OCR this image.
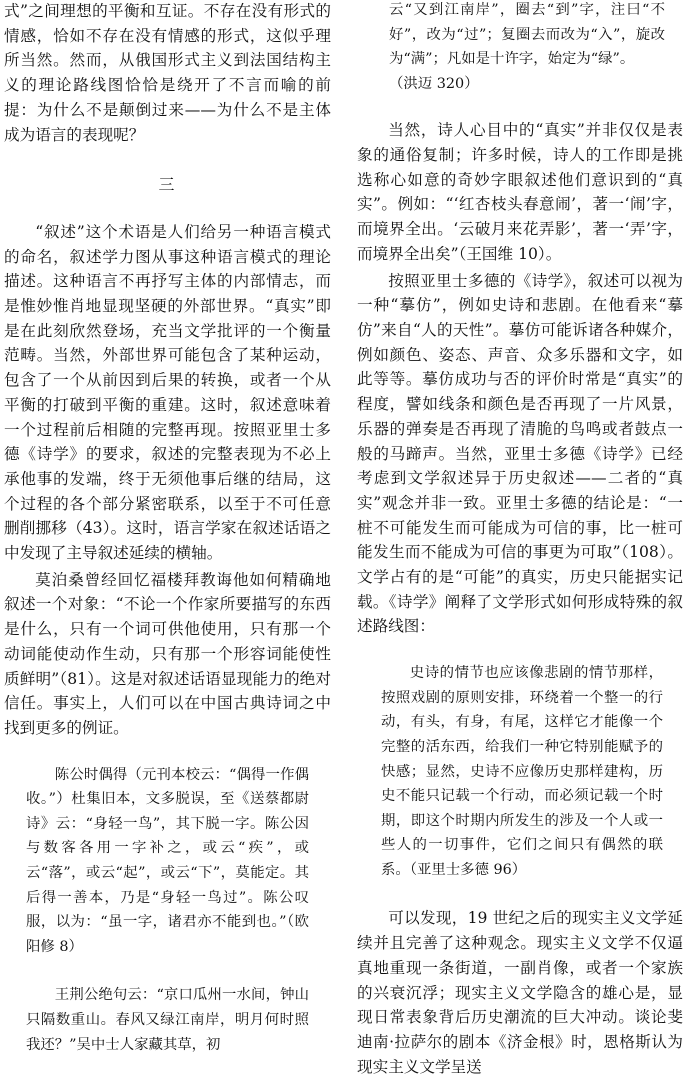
式”之间理想的平衡和互证。不存在没有形式的情感，恰如不存在没有情感的形式，这似乎理所当然。然而，从俄国形式主义到法国结构主义的理论路线图恰恰是绕开了不言而喻的前提：为什么不是颠倒过来——为什么不是主体成为语言的表现呢？

三

“叙述”这个术语是人们给另一种语言模式的命名，叙述学力图从事这种语言模式的理论描述。这种语言不再抒写主体的内部情志，而是惟妙惟肖地显现坚硬的外部世界。“真实”即是在此刻欣然登场，充当文学批评的一个衡量范畴。当然，外部世界可能包含了某种运动，包含了一个从前因到后果的转换，或者一个从平衡的打破到平衡的重建。这时，叙述意味着一个过程前后相随的完整再现。按照亚里士多德《诗学》的要求，叙述的完整表现为不必上承他事的发端，终于无须他事后继的结局，这个过程的各个部分紧密联系，以至于不可任意删削挪移（43）。这时，语言学家在叙述话语之中发现了主导叙述延续的横轴。

莫泊桑曾经回忆福楼拜教诲他如何精确地叙述一个对象：“不论一个作家所要描写的东西是什么，只有一个词可供他使用，只有那一个动词能使动作生动，只有那一个形容词能使性质鲜明”（81）。这是对叙述话语显现能力的绝对信任。事实上，人们可以在中国古典诗词之中找到更多的例证。

陈公时偶得（元刊本校云：“偶得一作偶收。”）杜集旧本，文多脱误，至《送蔡都尉诗》云：“身轻一鸟”，其下脱一字。陈公因与数客各用一字补之，或云“疾”，或云“落”，或云“起”，或云“下”，莫能定。其后得一善本，乃是“身轻一鸟过”。陈公叹服，以为：“虽一字，诸君亦不能到也。”（欧阳修 8）

王荆公绝句云：“京口瓜州一水间，钟山只隔数重山。春风又绿江南岸，明月何时照我还？”吴中士人家藏其草，初

云“又到江南岸”，圈去“到”字，注曰“不好”，改为“过”；复圈去而改为“入”，旋改为“满”；凡如是十许字，始定为“绿”。

（洪迈 320）

当然，诗人心目中的“真实”并非仅仅是表象的通俗复制；许多时候，诗人的工作即是挑选称心如意的奇妙字眼叙述他们意识到的“真实”。例如：“‘红杏枝头春意闹’，著一‘闹’字，而境界全出。‘云破月来花弄影’，著一‘弄’字，而境界全出矣”（王国维 10）。

按照亚里士多德的《诗学》，叙述可以视为一种“摹仿”，例如史诗和悲剧。在他看来“摹仿”来自“人的天性”。摹仿可能诉诸各种媒介，例如颜色、姿态、声音、众多乐器和文字，如此等等。摹仿成功与否的评价时常是“真实”的程度，譬如线条和颜色是否再现了一片风景，乐器的弹奏是否再现了清脆的鸟鸣或者鼓点一般的马蹄声。当然，亚里士多德《诗学》已经考虑到文学叙述异于历史叙述——二者的“真实”观念并非一致。亚里士多德的结论是：“一桩不可能发生而可能成为可信的事，比一桩可能发生而不能成为可信的事更为可取”（108）。文学占有的是“可能”的真实，历史只能据实记载。《诗学》阐释了文学形式如何形成特殊的叙述路线图：

史诗的情节也应该像悲剧的情节那样，按照戏剧的原则安排，环绕着一个整一的行动，有头，有身，有尾，这样它才能像一个完整的活东西，给我们一种它特别能赋予的快感；显然，史诗不应像历史那样建构，历史不能只记载一个行动，而必须记载一个时期，即这个时期内所发生的涉及一个人或一些人的一切事件，它们之间只有偶然的联系。（亚里士多德 96）

可以发现，19 世纪之后的现实主义文学延续并且完善了这种观念。现实主义文学不仅逼真地重现一条街道，一副肖像，或者一个家族的兴衰沉浮；现实主义文学隐含的雄心是，显现日常表象背后历史潮流的巨大冲动。谈论斐迪南·拉萨尔的剧本《济金根》时，恩格斯认为现实主义文学呈送
